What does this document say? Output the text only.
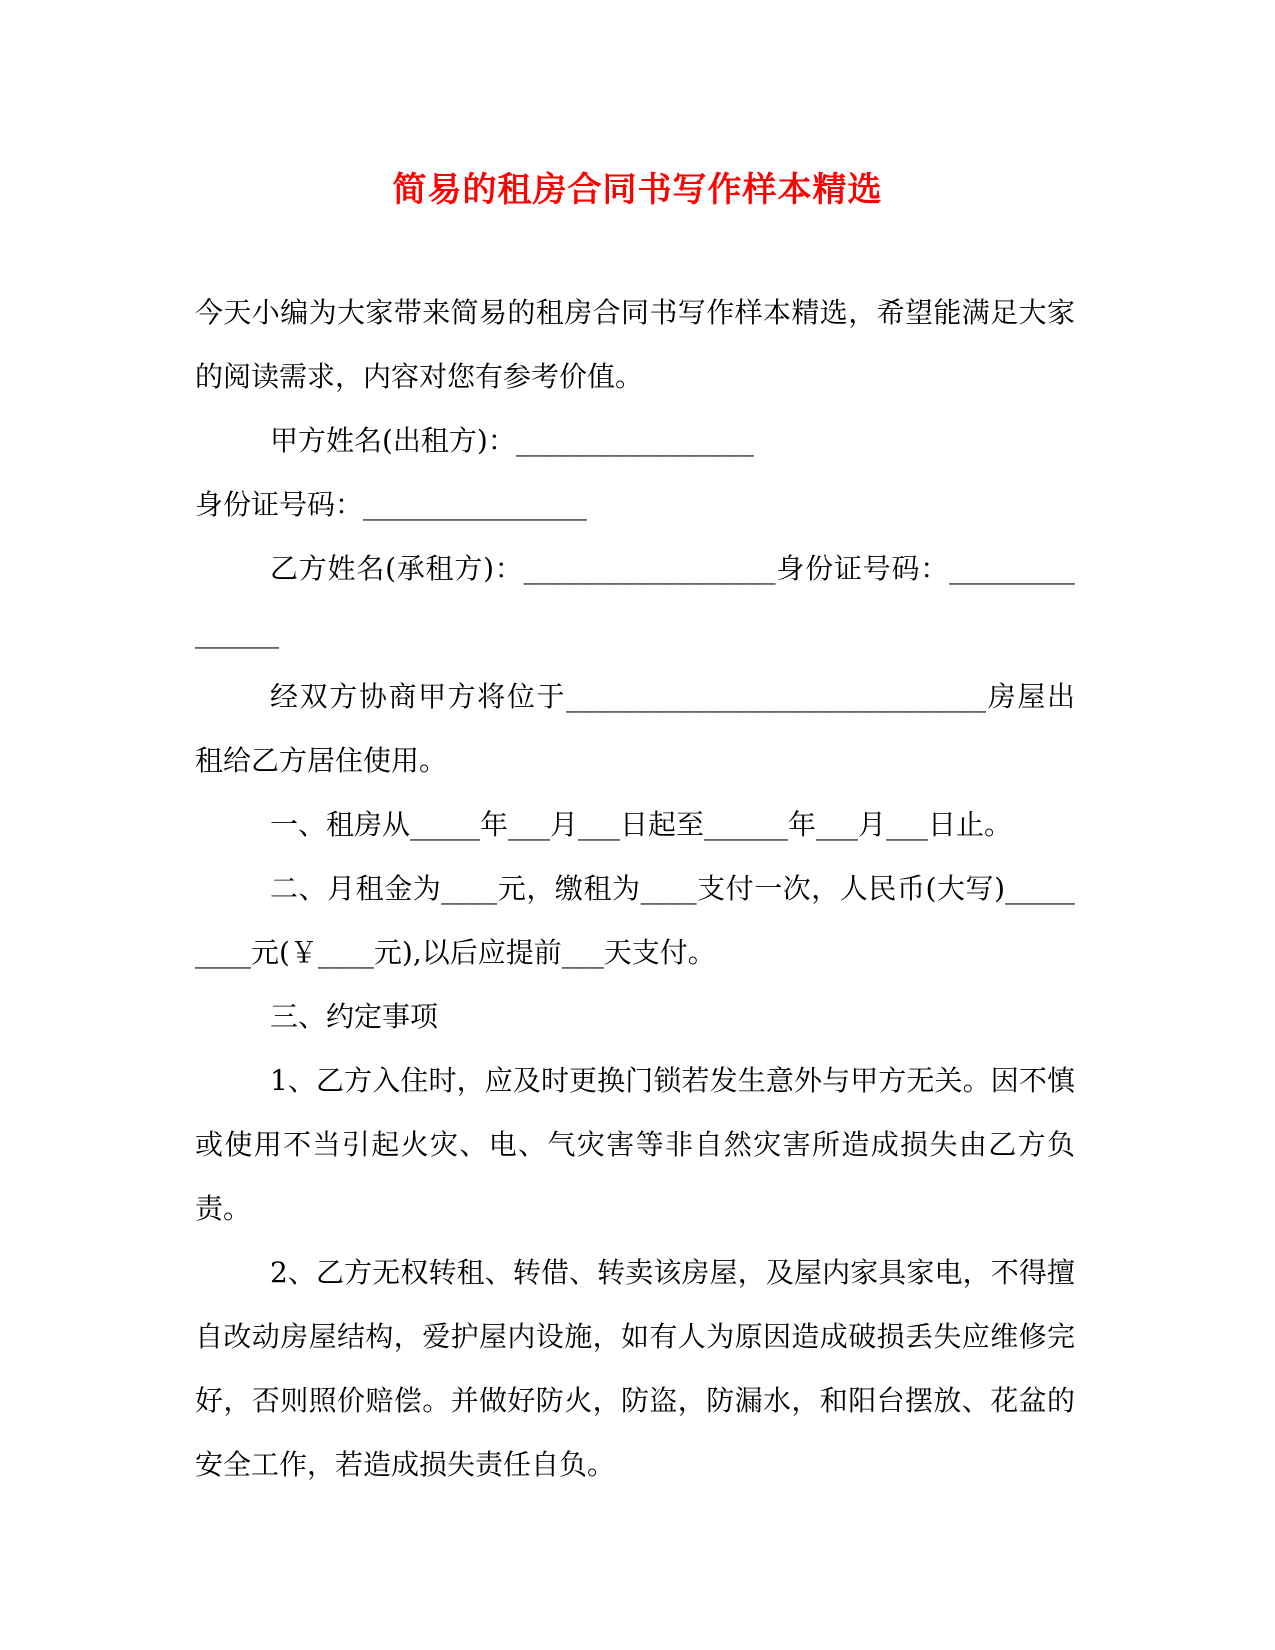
简易的租房合同书写作样本精选

今天小编为大家带来简易的租房合同书写作样本精选，希望能满足大家的阅读需求，内容对您有参考价值。

甲方姓名(出租方)：_________________

身份证号码：________________

乙方姓名(承租方)：__________________身份证号码：_______________

经双方协商甲方将位于______________________________房屋出租给乙方居住使用。

一、租房从_____年___月___日起至______年___月___日止。

二、月租金为____元，缴租为____支付一次，人民币(大写)_________元(￥____元),以后应提前___天支付。

三、约定事项

1、乙方入住时，应及时更换门锁若发生意外与甲方无关。因不慎或使用不当引起火灾、电、气灾害等非自然灾害所造成损失由乙方负责。

2、乙方无权转租、转借、转卖该房屋，及屋内家具家电，不得擅自改动房屋结构，爱护屋内设施，如有人为原因造成破损丢失应维修完好，否则照价赔偿。并做好防火，防盗，防漏水，和阳台摆放、花盆的安全工作，若造成损失责任自负。
